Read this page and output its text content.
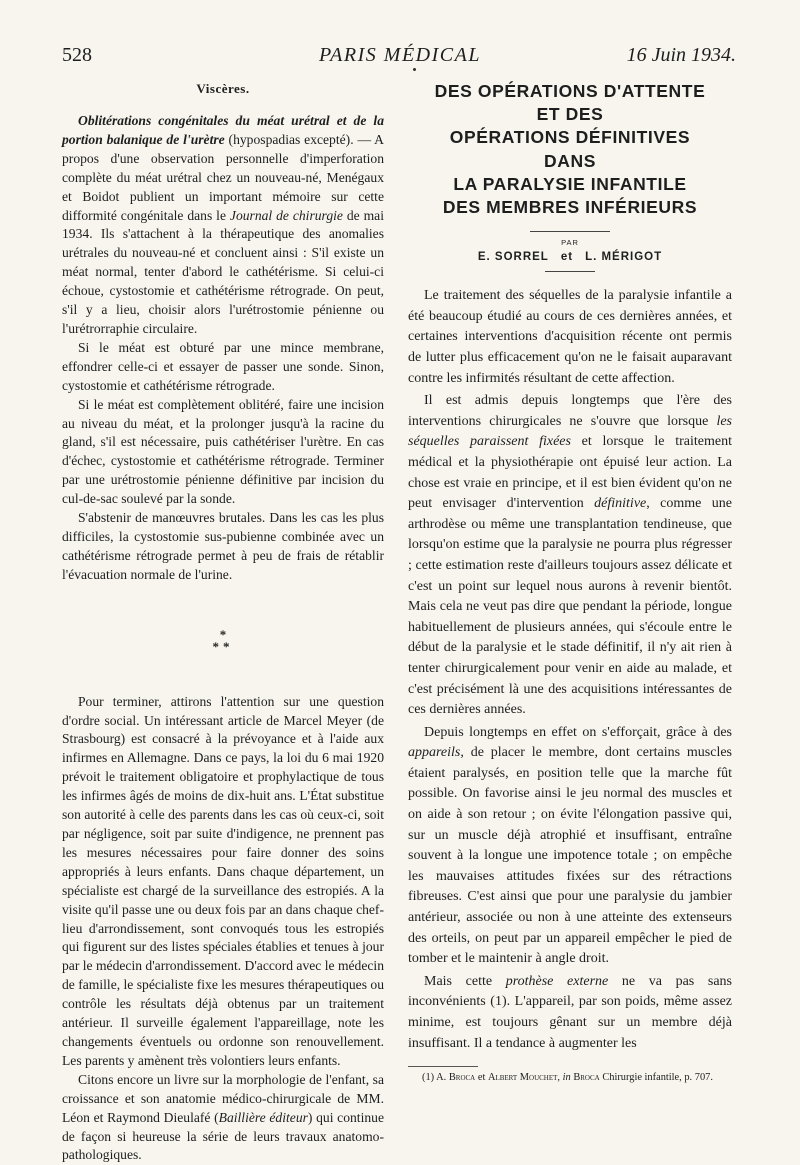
528	PARIS MÉDICAL	16 Juin 1934.
Viscères.

Oblitérations congénitales du méat urétral et de la portion balanique de l'urètre (hypospadias excepté). — A propos d'une observation personnelle d'imperforation complète du méat urétral chez un nouveau-né, Menégaux et Boidot publient un important mémoire sur cette difformité congénitale dans le Journal de chirurgie de mai 1934. Ils s'attachent à la thérapeutique des anomalies urétrales du nouveau-né et concluent ainsi : S'il existe un méat normal, tenter d'abord le cathétérisme. Si celui-ci échoue, cystostomie et cathétérisme rétrograde. On peut, s'il y a lieu, choisir alors l'urétrostomie pénienne ou l'urétrorraphie circulaire.

Si le méat est obturé par une mince membrane, effondrer celle-ci et essayer de passer une sonde. Sinon, cystostomie et cathétérisme rétrograde.

Si le méat est complètement oblitéré, faire une incision au niveau du méat, et la prolonger jusqu'à la racine du gland, s'il est nécessaire, puis cathétériser l'urètre. En cas d'échec, cystostomie et cathétérisme rétrograde. Terminer par une urétrostomie pénienne définitive par incision du cul-de-sac soulevé par la sonde.

S'abstenir de manœuvres brutales. Dans les cas les plus difficiles, la cystostomie sus-pubienne combinée avec un cathétérisme rétrograde permet à peu de frais de rétablir l'évacuation normale de l'urine.

*
**

Pour terminer, attirons l'attention sur une question d'ordre social. Un intéressant article de Marcel Meyer (de Strasbourg) est consacré à la prévoyance et à l'aide aux infirmes en Allemagne. Dans ce pays, la loi du 6 mai 1920 prévoit le traitement obligatoire et prophylactique de tous les infirmes âgés de moins de dix-huit ans. L'État substitue son autorité à celle des parents dans les cas où ceux-ci, soit par négligence, soit par suite d'indigence, ne prennent pas les mesures nécessaires pour faire donner des soins appropriés à leurs enfants. Dans chaque département, un spécialiste est chargé de la surveillance des estropiés. A la visite qu'il passe une ou deux fois par an dans chaque chef-lieu d'arrondissement, sont convoqués tous les estropiés qui figurent sur des listes spéciales établies et tenues à jour par le médecin d'arrondissement. D'accord avec le médecin de famille, le spécialiste fixe les mesures thérapeutiques ou contrôle les résultats déjà obtenus par un traitement antérieur. Il surveille également l'appareillage, note les changements éventuels ou ordonne son renouvellement. Les parents y amènent très volontiers leurs enfants.

Citons encore un livre sur la morphologie de l'enfant, sa croissance et son anatomie médico-chirurgicale de MM. Léon et Raymond Dieulafé (Baillière éditeur) qui continue de façon si heureuse la série de leurs travaux anatomo-pathologiques.

DES OPÉRATIONS D'ATTENTE
ET DES
OPÉRATIONS DÉFINITIVES
DANS
LA PARALYSIE INFANTILE
DES MEMBRES INFÉRIEURS
PAR
E. SORREL et L. MÉRIGOT

Le traitement des séquelles de la paralysie infantile a été beaucoup étudié au cours de ces dernières années, et certaines interventions d'acquisition récente ont permis de lutter plus efficacement qu'on ne le faisait auparavant contre les infirmités résultant de cette affection.

Il est admis depuis longtemps que l'ère des interventions chirurgicales ne s'ouvre que lorsque les séquelles paraissent fixées et lorsque le traitement médical et la physiothérapie ont épuisé leur action. La chose est vraie en principe, et il est bien évident qu'on ne peut envisager d'intervention définitive, comme une arthrodèse ou même une transplantation tendineuse, que lorsqu'on estime que la paralysie ne pourra plus régresser ; cette estimation reste d'ailleurs toujours assez délicate et c'est un point sur lequel nous aurons à revenir bientôt. Mais cela ne veut pas dire que pendant la période, longue habituellement de plusieurs années, qui s'écoule entre le début de la paralysie et le stade définitif, il n'y ait rien à tenter chirurgicalement pour venir en aide au malade, et c'est précisément là une des acquisitions intéressantes de ces dernières années.

Depuis longtemps en effet on s'efforçait, grâce à des appareils, de placer le membre, dont certains muscles étaient paralysés, en position telle que la marche fût possible. On favorise ainsi le jeu normal des muscles et on aide à son retour ; on évite l'élongation passive qui, sur un muscle déjà atrophié et insuffisant, entraîne souvent à la longue une impotence totale ; on empêche les mauvaises attitudes fixées sur des rétractions fibreuses. C'est ainsi que pour une paralysie du jambier antérieur, associée ou non à une atteinte des extenseurs des orteils, on peut par un appareil empêcher le pied de tomber et le maintenir à angle droit.

Mais cette prothèse externe ne va pas sans inconvénients (1). L'appareil, par son poids, même assez minime, est toujours gênant sur un membre déjà insuffisant. Il a tendance à augmenter les

(1) A. Broca et Albert Mouchet, in Broca Chirurgie infantile, p. 707.
